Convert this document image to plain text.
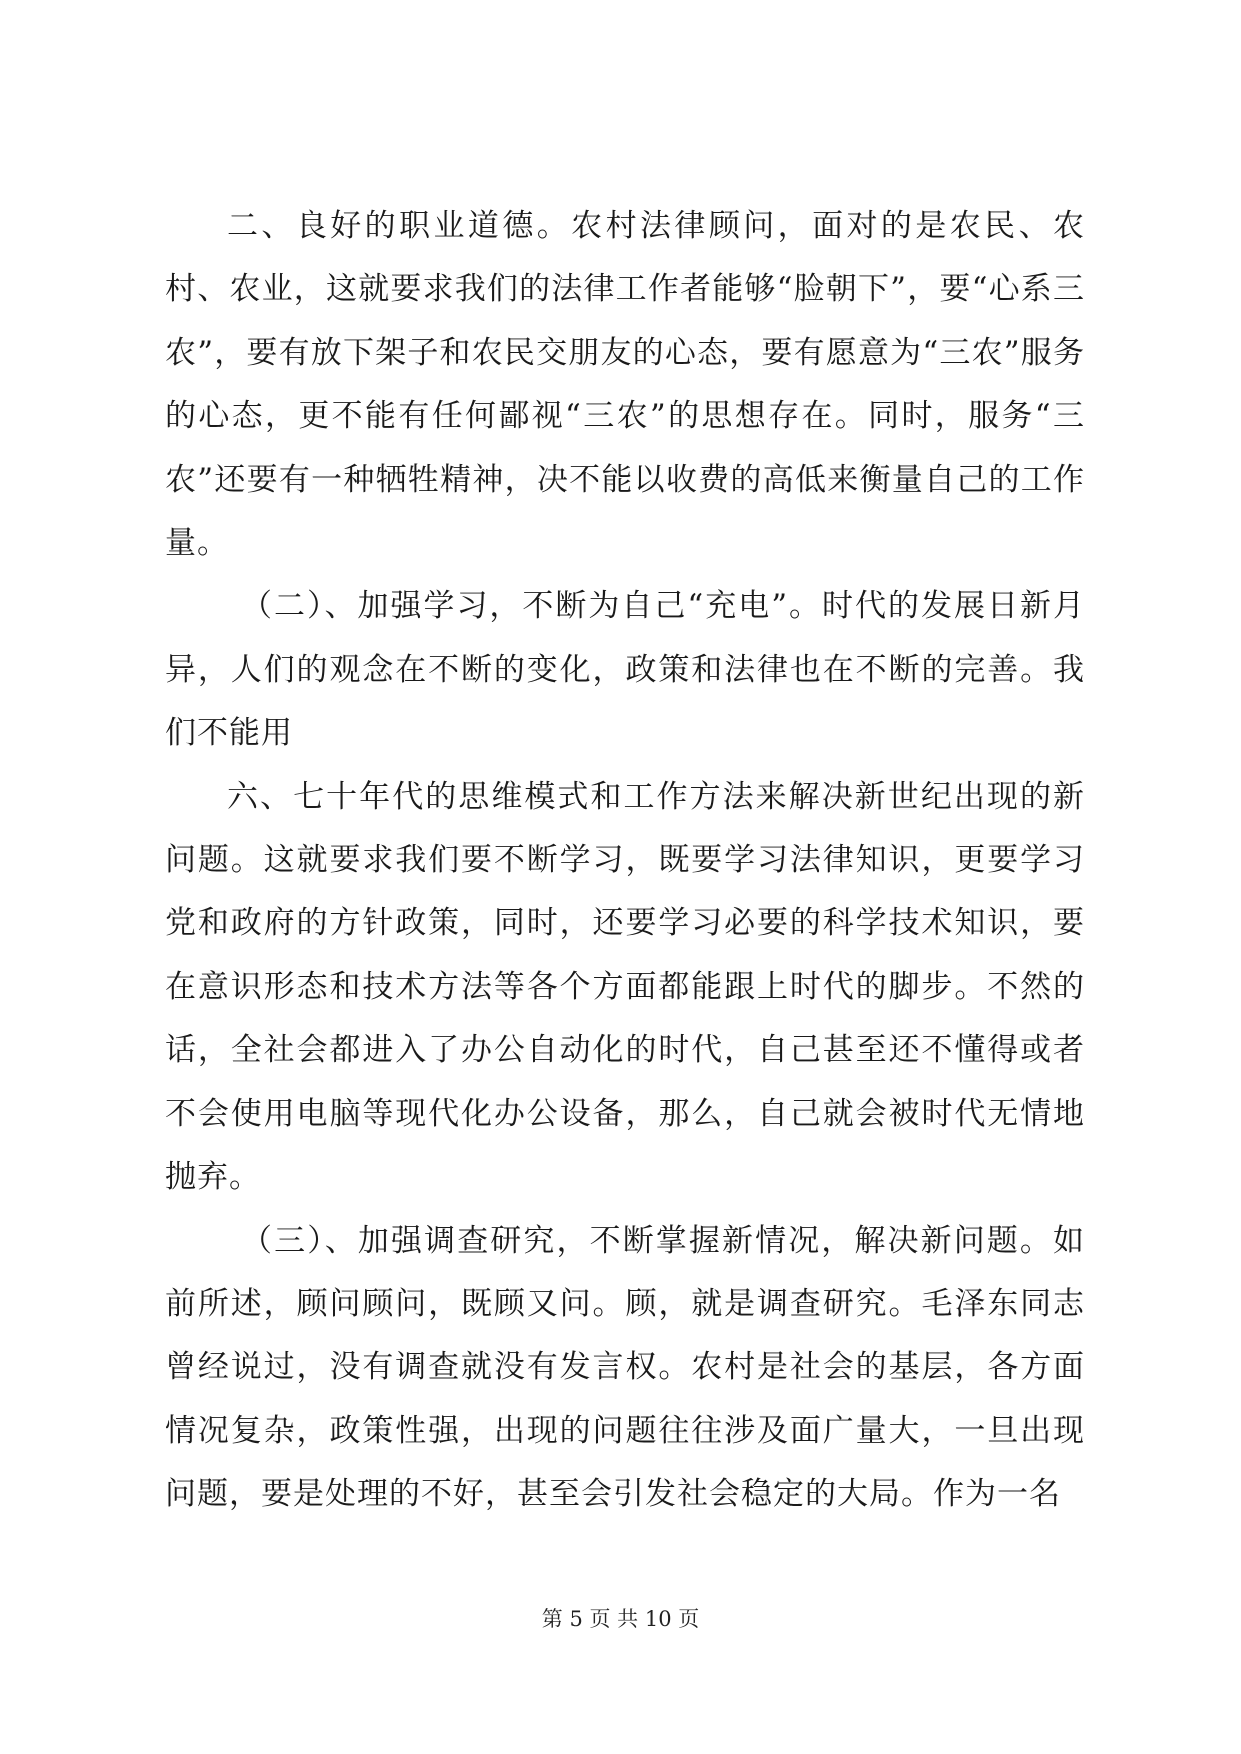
二、良好的职业道德。农村法律顾问，面对的是农民、农村、农业，这就要求我们的法律工作者能够“脸朝下”，要“心系三农”，要有放下架子和农民交朋友的心态，要有愿意为“三农”服务的心态，更不能有任何鄙视“三农”的思想存在。同时，服务“三农”还要有一种牺牲精神，决不能以收费的高低来衡量自己的工作量。

（二）、加强学习，不断为自己“充电”。时代的发展日新月异，人们的观念在不断的变化，政策和法律也在不断的完善。我们不能用

六、七十年代的思维模式和工作方法来解决新世纪出现的新问题。这就要求我们要不断学习，既要学习法律知识，更要学习党和政府的方针政策，同时，还要学习必要的科学技术知识，要在意识形态和技术方法等各个方面都能跟上时代的脚步。不然的话，全社会都进入了办公自动化的时代，自己甚至还不懂得或者不会使用电脑等现代化办公设备，那么，自己就会被时代无情地抛弃。

（三）、加强调查研究，不断掌握新情况，解决新问题。如前所述，顾问顾问，既顾又问。顾，就是调查研究。毛泽东同志曾经说过，没有调查就没有发言权。农村是社会的基层，各方面情况复杂，政策性强，出现的问题往往涉及面广量大，一旦出现问题，要是处理的不好，甚至会引发社会稳定的大局。作为一名

第 5 页 共 10 页
